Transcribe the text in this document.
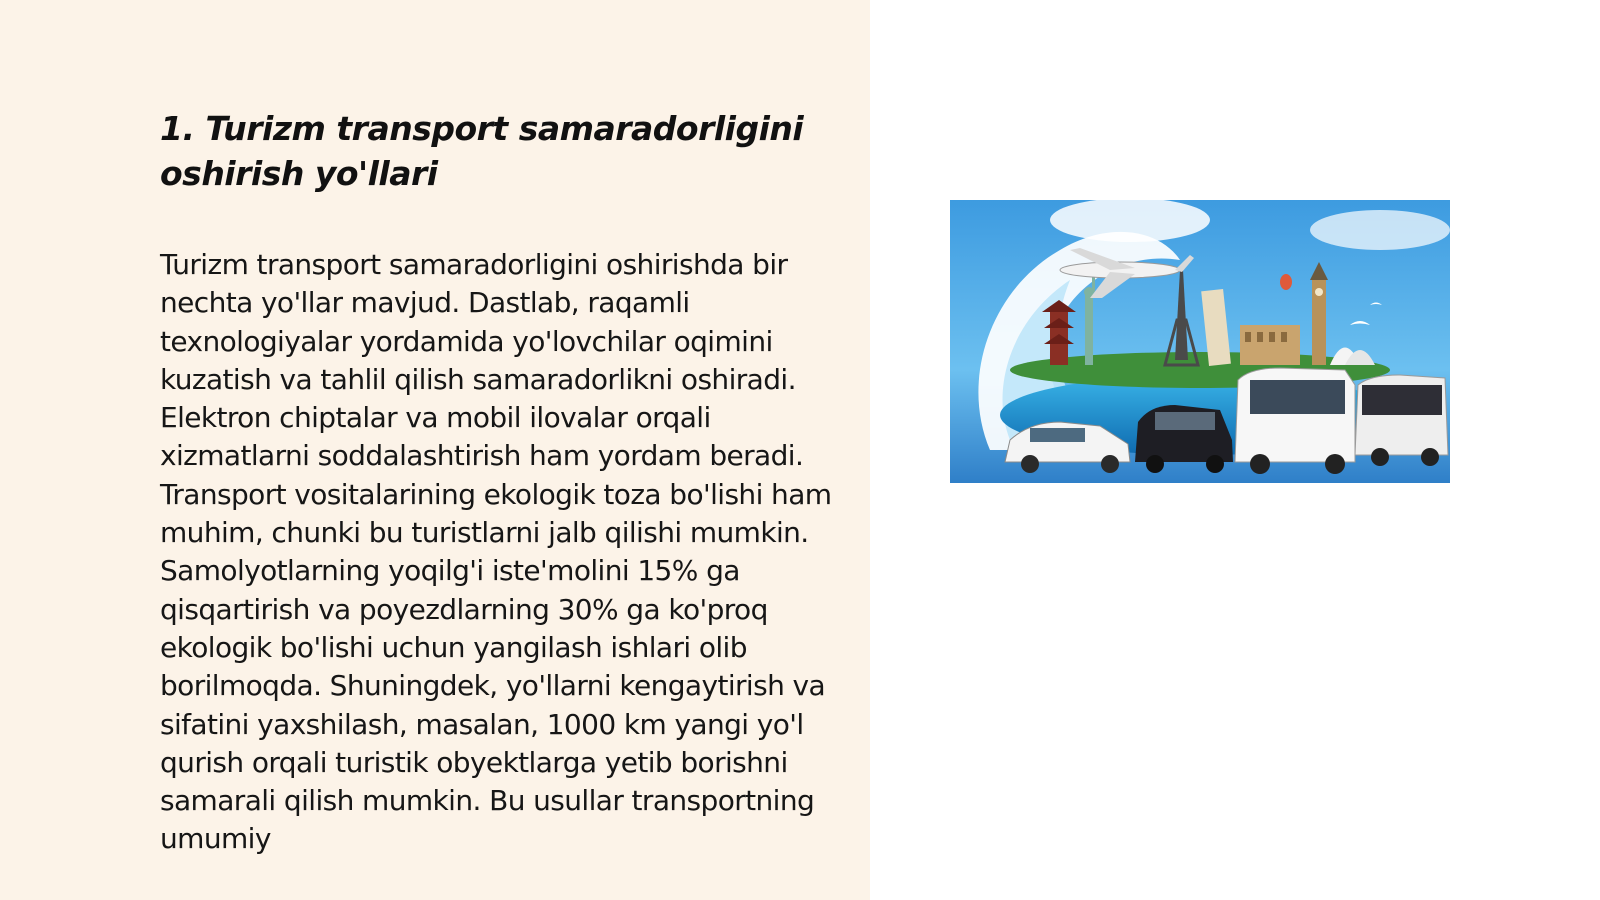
1. Turizm transport samaradorligini oshirish yo'llari

Turizm transport samaradorligini oshirishda bir nechta yo'llar mavjud. Dastlab, raqamli texnologiyalar yordamida yo'lovchilar oqimini kuzatish va tahlil qilish samaradorlikni oshiradi. Elektron chiptalar va mobil ilovalar orqali xizmatlarni soddalashtirish ham yordam beradi. Transport vositalarining ekologik toza bo'lishi ham muhim, chunki bu turistlarni jalb qilishi mumkin. Samolyotlarning yoqilg'i iste'molini 15% ga qisqartirish va poyezdlarning 30% ga ko'proq ekologik bo'lishi uchun yangilash ishlari olib borilmoqda. Shuningdek, yo'llarni kengaytirish va sifatini yaxshilash, masalan, 1000 km yangi yo'l qurish orqali turistik obyektlarga yetib borishni samarali qilish mumkin. Bu usullar transportning umumiy
